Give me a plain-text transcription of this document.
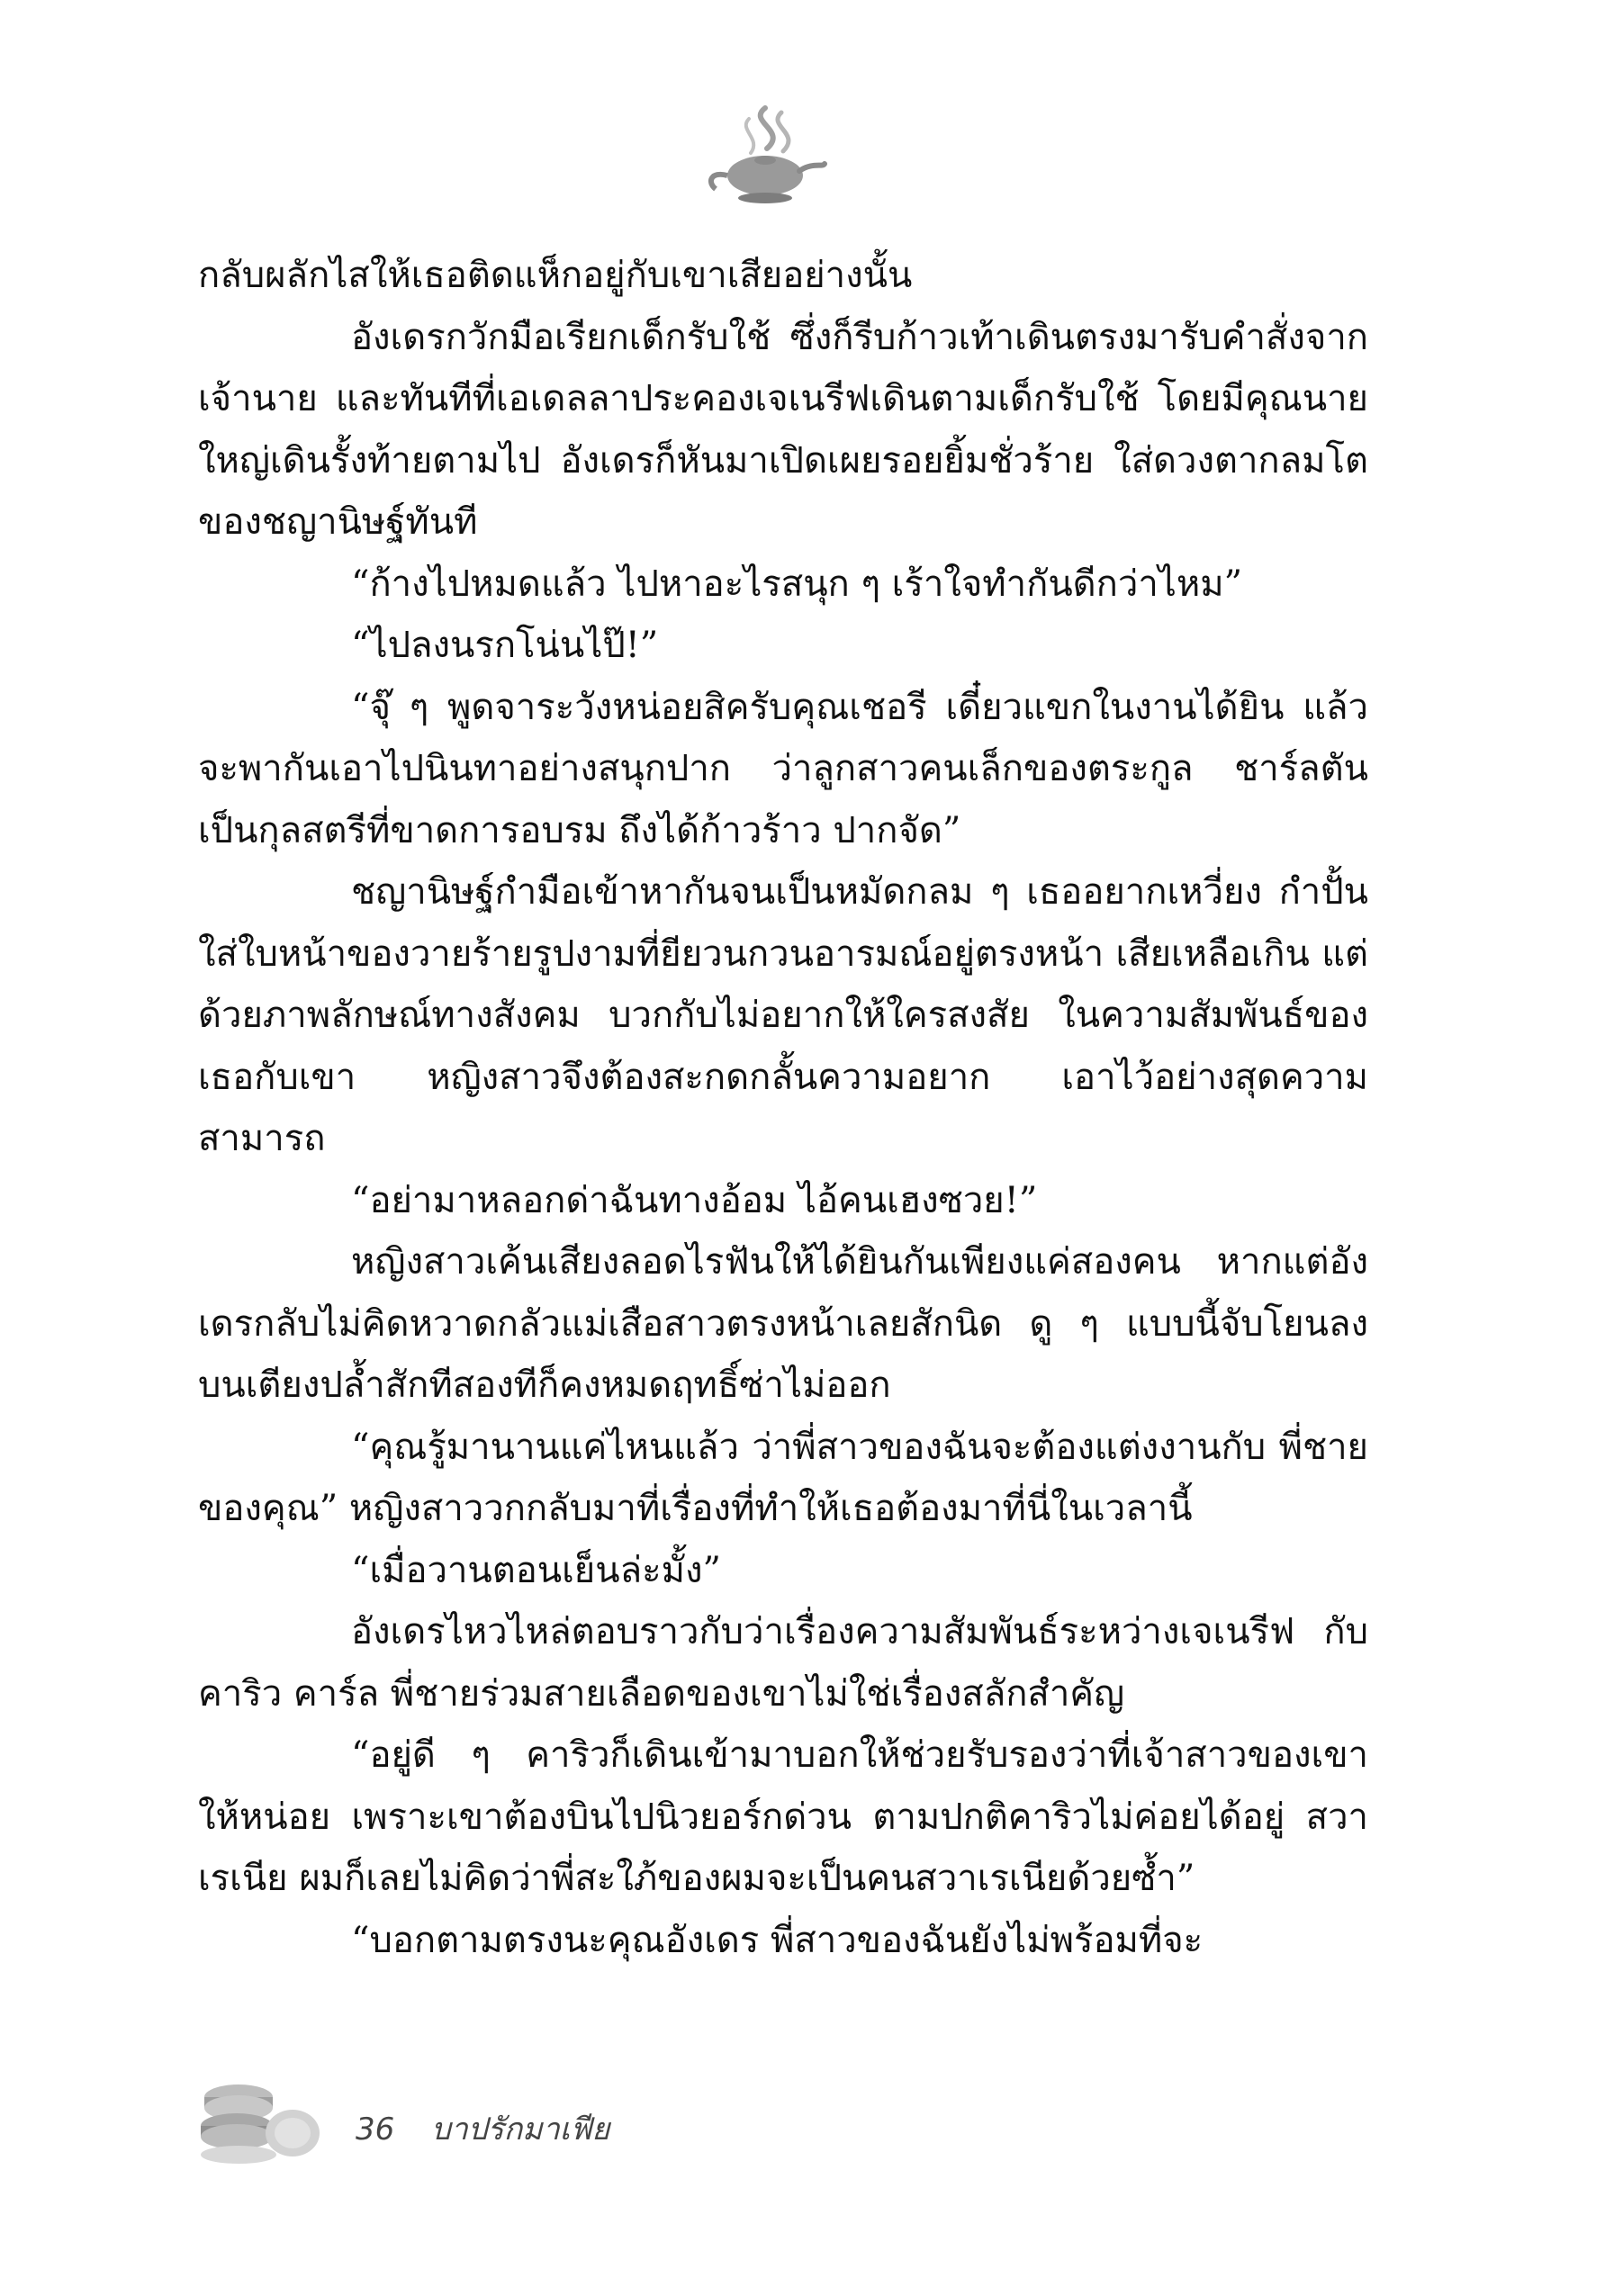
กลับผลักไสให้เธอติดแห็กอยู่กับเขาเสียอย่างนั้น

อังเดรกวักมือเรียกเด็กรับใช้ ซึ่งก็รีบก้าวเท้าเดินตรงมารับคำสั่งจากเจ้านาย และทันทีที่เอเดลลาประคองเจเนรีฟเดินตามเด็กรับใช้ โดยมีคุณนายใหญ่เดินรั้งท้ายตามไป อังเดรก็หันมาเปิดเผยรอยยิ้มชั่วร้าย ใส่ดวงตากลมโตของชญานิษฐ์ทันที

“ก้างไปหมดแล้ว ไปหาอะไรสนุก ๆ เร้าใจทำกันดีกว่าไหม”

“ไปลงนรกโน่นไป๊!”

“จุ๊ ๆ พูดจาระวังหน่อยสิครับคุณเชอรี เดี๋ยวแขกในงานได้ยิน แล้วจะพากันเอาไปนินทาอย่างสนุกปาก ว่าลูกสาวคนเล็กของตระกูล ชาร์ลตันเป็นกุลสตรีที่ขาดการอบรม ถึงได้ก้าวร้าว ปากจัด”

ชญานิษฐ์กำมือเข้าหากันจนเป็นหมัดกลม ๆ เธออยากเหวี่ยง กำปั้นใส่ใบหน้าของวายร้ายรูปงามที่ยียวนกวนอารมณ์อยู่ตรงหน้า เสียเหลือเกิน แต่ด้วยภาพลักษณ์ทางสังคม บวกกับไม่อยากให้ใครสงสัย ในความสัมพันธ์ของเธอกับเขา หญิงสาวจึงต้องสะกดกลั้นความอยาก เอาไว้อย่างสุดความสามารถ

“อย่ามาหลอกด่าฉันทางอ้อม ไอ้คนเฮงซวย!”

หญิงสาวเค้นเสียงลอดไรฟันให้ได้ยินกันเพียงแค่สองคน หากแต่อังเดรกลับไม่คิดหวาดกลัวแม่เสือสาวตรงหน้าเลยสักนิด ดู ๆ แบบนี้จับโยนลงบนเตียงปล้ำสักทีสองทีก็คงหมดฤทธิ์ซ่าไม่ออก

“คุณรู้มานานแค่ไหนแล้ว ว่าพี่สาวของฉันจะต้องแต่งงานกับ พี่ชายของคุณ” หญิงสาววกกลับมาที่เรื่องที่ทำให้เธอต้องมาที่นี่ในเวลานี้

“เมื่อวานตอนเย็นล่ะมั้ง”

อังเดรไหวไหล่ตอบราวกับว่าเรื่องความสัมพันธ์ระหว่างเจเนรีฟ กับคาริว คาร์ล พี่ชายร่วมสายเลือดของเขาไม่ใช่เรื่องสลักสำคัญ

“อยู่ดี ๆ คาริวก็เดินเข้ามาบอกให้ช่วยรับรองว่าที่เจ้าสาวของเขา ให้หน่อย เพราะเขาต้องบินไปนิวยอร์กด่วน ตามปกติคาริวไม่ค่อยได้อยู่ สวาเรเนีย ผมก็เลยไม่คิดว่าพี่สะใภ้ของผมจะเป็นคนสวาเรเนียด้วยซ้ำ”

“บอกตามตรงนะคุณอังเดร พี่สาวของฉันยังไม่พร้อมที่จะ

36 บาปรักมาเฟีย
